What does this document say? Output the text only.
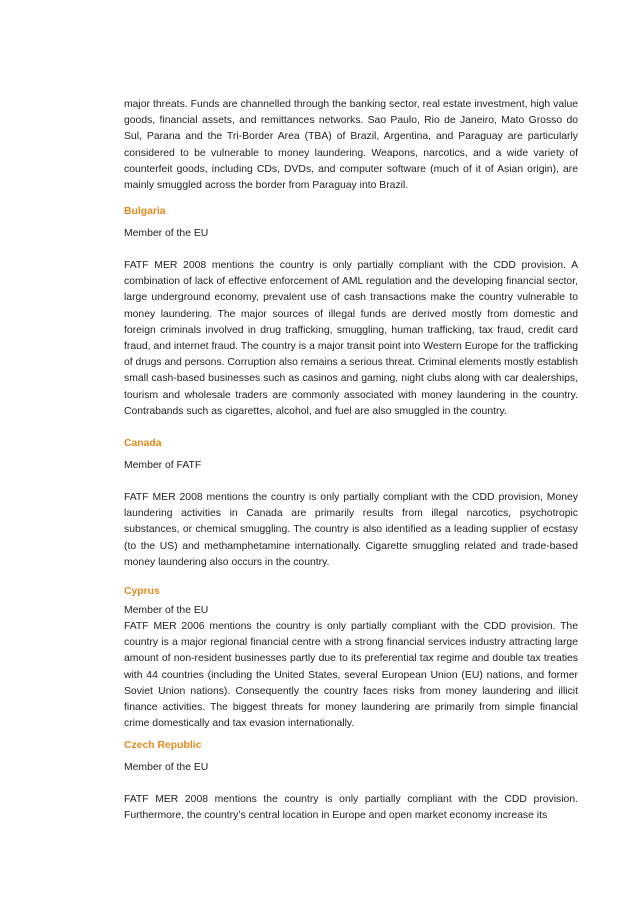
major threats. Funds are channelled through the banking sector, real estate investment, high value goods, financial assets, and remittances networks. Sao Paulo, Rio de Janeiro, Mato Grosso do Sul, Parana and the Tri-Border Area (TBA) of Brazil, Argentina, and Paraguay are particularly considered to be vulnerable to money laundering. Weapons, narcotics, and a wide variety of counterfeit goods, including CDs, DVDs, and computer software (much of it of Asian origin), are mainly smuggled across the border from Paraguay into Brazil.

Bulgaria

Member of the EU

FATF MER 2008 mentions the country is only partially compliant with the CDD provision. A combination of lack of effective enforcement of AML regulation and the developing financial sector, large underground economy, prevalent use of cash transactions make the country vulnerable to money laundering. The major sources of illegal funds are derived mostly from domestic and foreign criminals involved in drug trafficking, smuggling, human trafficking, tax fraud, credit card fraud, and internet fraud. The country is a major transit point into Western Europe for the trafficking of drugs and persons. Corruption also remains a serious threat. Criminal elements mostly establish small cash-based businesses such as casinos and gaming, night clubs along with car dealerships, tourism and wholesale traders are commonly associated with money laundering in the country. Contrabands such as cigarettes, alcohol, and fuel are also smuggled in the country.

Canada

Member of FATF

FATF MER 2008 mentions the country is only partially compliant with the CDD provision, Money laundering activities in Canada are primarily results from illegal narcotics, psychotropic substances, or chemical smuggling. The country is also identified as a leading supplier of ecstasy (to the US) and methamphetamine internationally. Cigarette smuggling related and trade-based money laundering also occurs in the country.

Cyprus

Member of the EU

FATF MER 2006 mentions the country is only partially compliant with the CDD provision. The country is a major regional financial centre with a strong financial services industry attracting large amount of non-resident businesses partly due to its preferential tax regime and double tax treaties with 44 countries (including the United States, several European Union (EU) nations, and former Soviet Union nations). Consequently the country faces risks from money laundering and illicit finance activities. The biggest threats for money laundering are primarily from simple financial crime domestically and tax evasion internationally.

Czech Republic

Member of the EU

FATF MER 2008 mentions the country is only partially compliant with the CDD provision. Furthermore, the country’s central location in Europe and open market economy increase its
